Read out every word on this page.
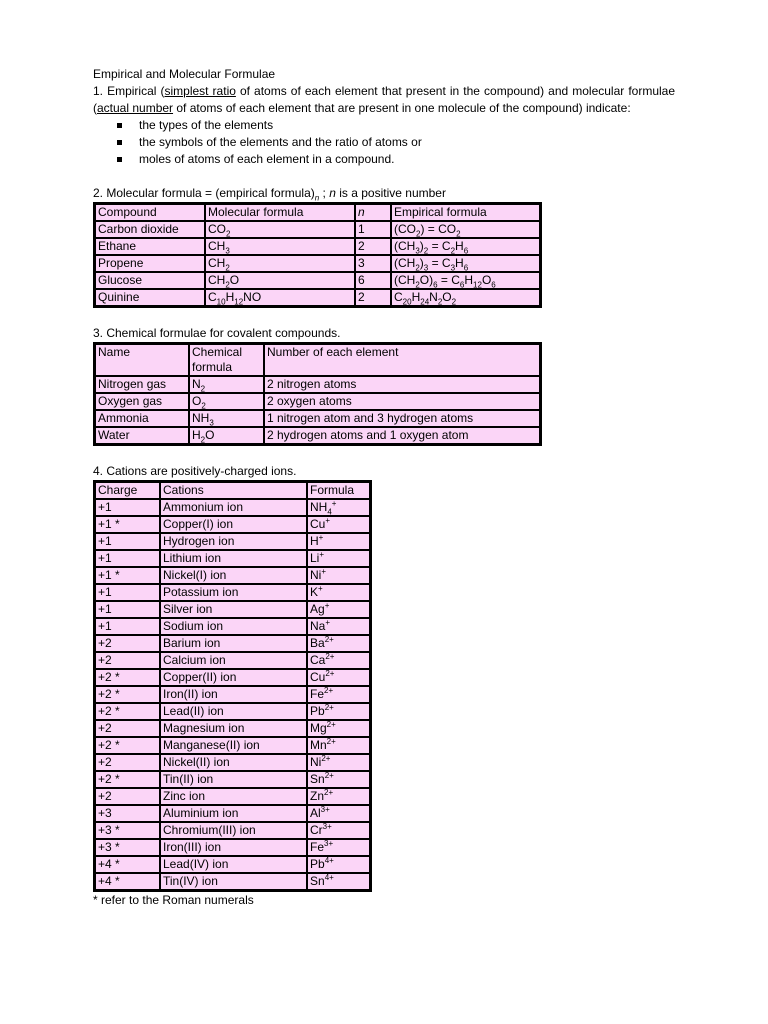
Empirical and Molecular Formulae
1. Empirical (simplest ratio of atoms of each element that present in the compound) and molecular formulae (actual number of atoms of each element that are present in one molecule of the compound) indicate:
the types of the elements
the symbols of the elements and the ratio of atoms or
moles of atoms of each element in a compound.
2. Molecular formula = (empirical $formula)_n$ ; n is a positive number
Compound	Molecular formula	n	Empirical formula
Carbon dioxide	$CO_2$	1	$(CO_2) = CO_2$
Ethane	$CH_3$	2	$(CH_3)_2 = C_2H_6$
Propene	$CH_2$	3	$(CH_2)_3 = C_3H_6$
Glucose	$CH_2O$	6	$(CH_2O)_6 = C_6H_{12}O_6$
Quinine	$C_{10}H_{12}NO$	2	$C_{20}H_{24}N_2O_2$
3. Chemical formulae for covalent compounds.
Name	Chemical formula	Number of each element
Nitrogen gas	$N_2$	2 nitrogen atoms
Oxygen gas	$O_2$	2 oxygen atoms
Ammonia	$NH_3$	1 nitrogen atom and 3 hydrogen atoms
Water	$H_2O$	2 hydrogen atoms and 1 oxygen atom
4. Cations are positively-charged ions.
Charge	Cations	Formula
+1	Ammonium ion	$NH_4^+$
+1 *	Copper(I) ion	Cu+
+1	Hydrogen ion	H+
+1	Lithium ion	Li+
+1 *	Nickel(I) ion	Ni+
+1	Potassium ion	K+
+1	Silver ion	Ag+
+1	Sodium ion	Na+
+2	Barium ion	$Ba^{2+}$
+2	Calcium ion	$Ca^{2+}$
+2 *	Copper(II) ion	$Cu^{2+}$
+2 *	Iron(II) ion	$Fe^{2+}$
+2 *	Lead(II) ion	$Pb^{2+}$
+2	Magnesium ion	$Mg^{2+}$
+2 *	Manganese(II) ion	$Mn^{2+}$
+2	Nickel(II) ion	$Ni^{2+}$
+2 *	Tin(II) ion	$Sn^{2+}$
+2	Zinc ion	$Zn^{2+}$
+3	Aluminium ion	$Al^{3+}$
+3 *	Chromium(III) ion	$Cr^{3+}$
+3 *	Iron(III) ion	$Fe^{3+}$
+4 *	Lead(IV) ion	$Pb^{4+}$
+4 *	Tin(IV) ion	$Sn^{4+}$
* refer to the Roman numerals
